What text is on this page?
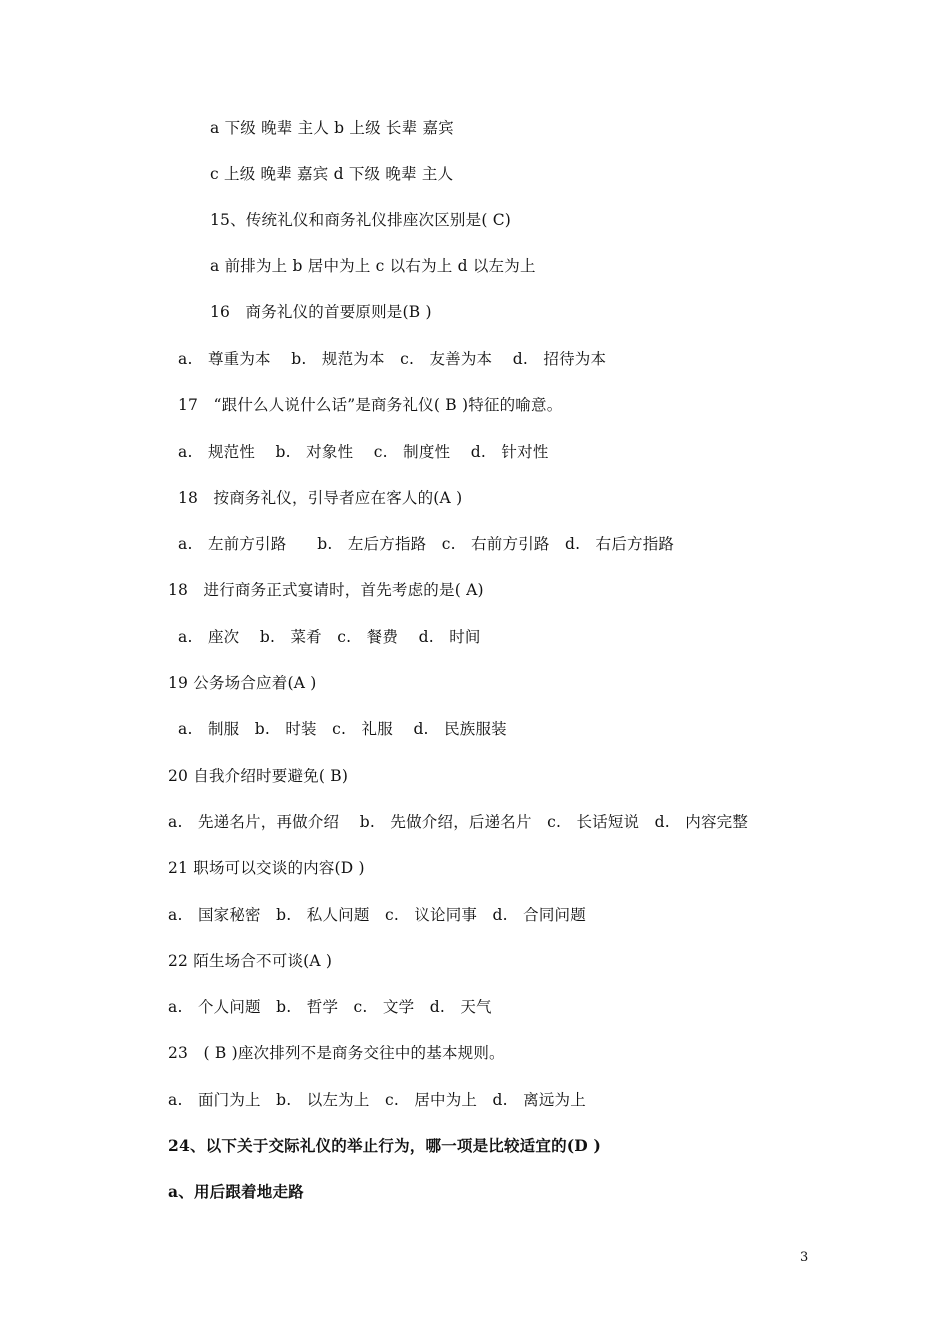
a 下级 晚辈 主人 b 上级 长辈 嘉宾
c 上级 晚辈 嘉宾 d 下级 晚辈 主人
15、传统礼仪和商务礼仪排座次区别是( C)
a 前排为上 b 居中为上 c 以右为上 d 以左为上
16   商务礼仪的首要原则是(B )
a.   尊重为本    b.   规范为本   c.   友善为本    d.   招待为本
17   “跟什么人说什么话”是商务礼仪( B )特征的喻意。
a.   规范性    b.   对象性    c.   制度性    d.   针对性
18   按商务礼仪，引导者应在客人的(A )
a.   左前方引路      b.   左后方指路   c.   右前方引路   d.   右后方指路
18   进行商务正式宴请时，首先考虑的是( A)
a.   座次    b.   菜肴   c.   餐费    d.   时间
19 公务场合应着(A )
a.   制服   b.   时装   c.   礼服    d.   民族服装
20 自我介绍时要避免( B)
a.   先递名片，再做介绍    b.   先做介绍，后递名片   c.   长话短说   d.   内容完整
21 职场可以交谈的内容(D )
a.   国家秘密   b.   私人问题   c.   议论同事   d.   合同问题
22 陌生场合不可谈(A )
a.   个人问题   b.   哲学   c.   文学   d.   天气
23   ( B )座次排列不是商务交往中的基本规则。
a.   面门为上   b.   以左为上   c.   居中为上   d.   离远为上
24、以下关于交际礼仪的举止行为，哪一项是比较适宜的(D )
a、用后跟着地走路
3
